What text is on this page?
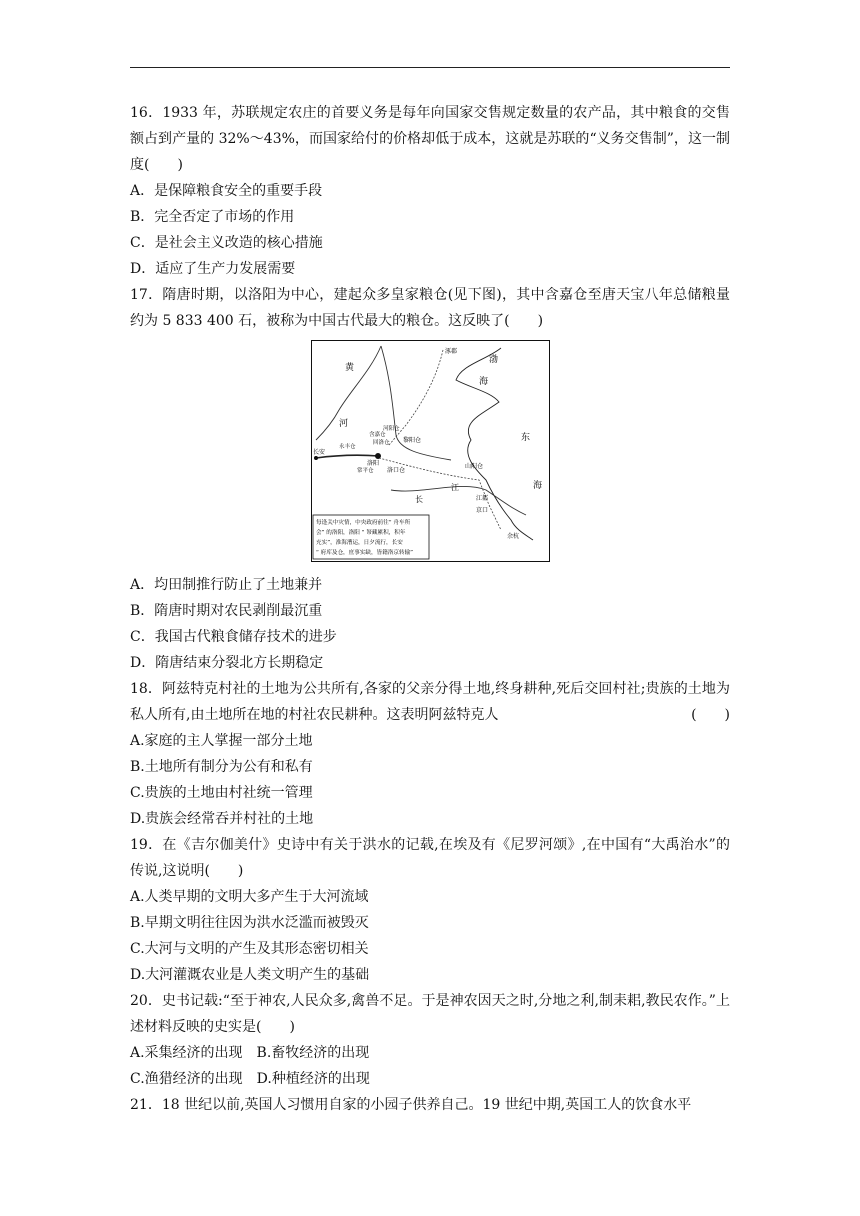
16．1933 年，苏联规定农庄的首要义务是每年向国家交售规定数量的农产品，其中粮食的交售额占到产量的 32%～43%，而国家给付的价格却低于成本，这就是苏联的“义务交售制”，这一制度(　　)

A．是保障粮食安全的重要手段

B．完全否定了市场的作用

C．是社会主义改造的核心措施

D．适应了生产力发展需要

17．隋唐时期，以洛阳为中心，建起众多皇家粮仓(见下图)，其中含嘉仓至唐天宝八年总储粮量约为 5 833 400 石，被称为中国古代最大的粮仓。这反映了(　　)

黄
河
渤
海
东
海
涿郡
长安
洛阳
黎阳仓
山阳仓
江都
京口
余杭
洛口仓
含嘉仓
回洛仓
河阳仓
常平仓
永丰仓
长
江
每逢关中灾情，中央政府前往“ 舟车所
会” 的洛阳，洛阳 “ 帑藏累积，积年
充实”，淮海漕运，日夕流行，长安
“ 府库及仓，庶事实缺，皆籍洛京转输”

A．均田制推行防止了土地兼并

B．隋唐时期对农民剥削最沉重

C．我国古代粮食储存技术的进步

D．隋唐结束分裂北方长期稳定

18．阿兹特克村社的土地为公共所有,各家的父亲分得土地,终身耕种,死后交回村社;贵族的土地为私人所有,由土地所在地的村社农民耕种。这表明阿兹特克人	(　　)

A.家庭的主人掌握一部分土地

B.土地所有制分为公有和私有

C.贵族的土地由村社统一管理

D.贵族会经常吞并村社的土地

19．在《吉尔伽美什》史诗中有关于洪水的记载,在埃及有《尼罗河颂》,在中国有“大禹治水”的传说,这说明(　　)

A.人类早期的文明大多产生于大河流域

B.早期文明往往因为洪水泛滥而被毁灭

C.大河与文明的产生及其形态密切相关

D.大河灌溉农业是人类文明产生的基础

20．史书记载:“至于神农,人民众多,禽兽不足。于是神农因天之时,分地之利,制耒耜,教民农作。”上述材料反映的史实是(　　)

A.采集经济的出现　B.畜牧经济的出现

C.渔猎经济的出现　D.种植经济的出现

21．18 世纪以前,英国人习惯用自家的小园子供养自己。19 世纪中期,英国工人的饮食水平
